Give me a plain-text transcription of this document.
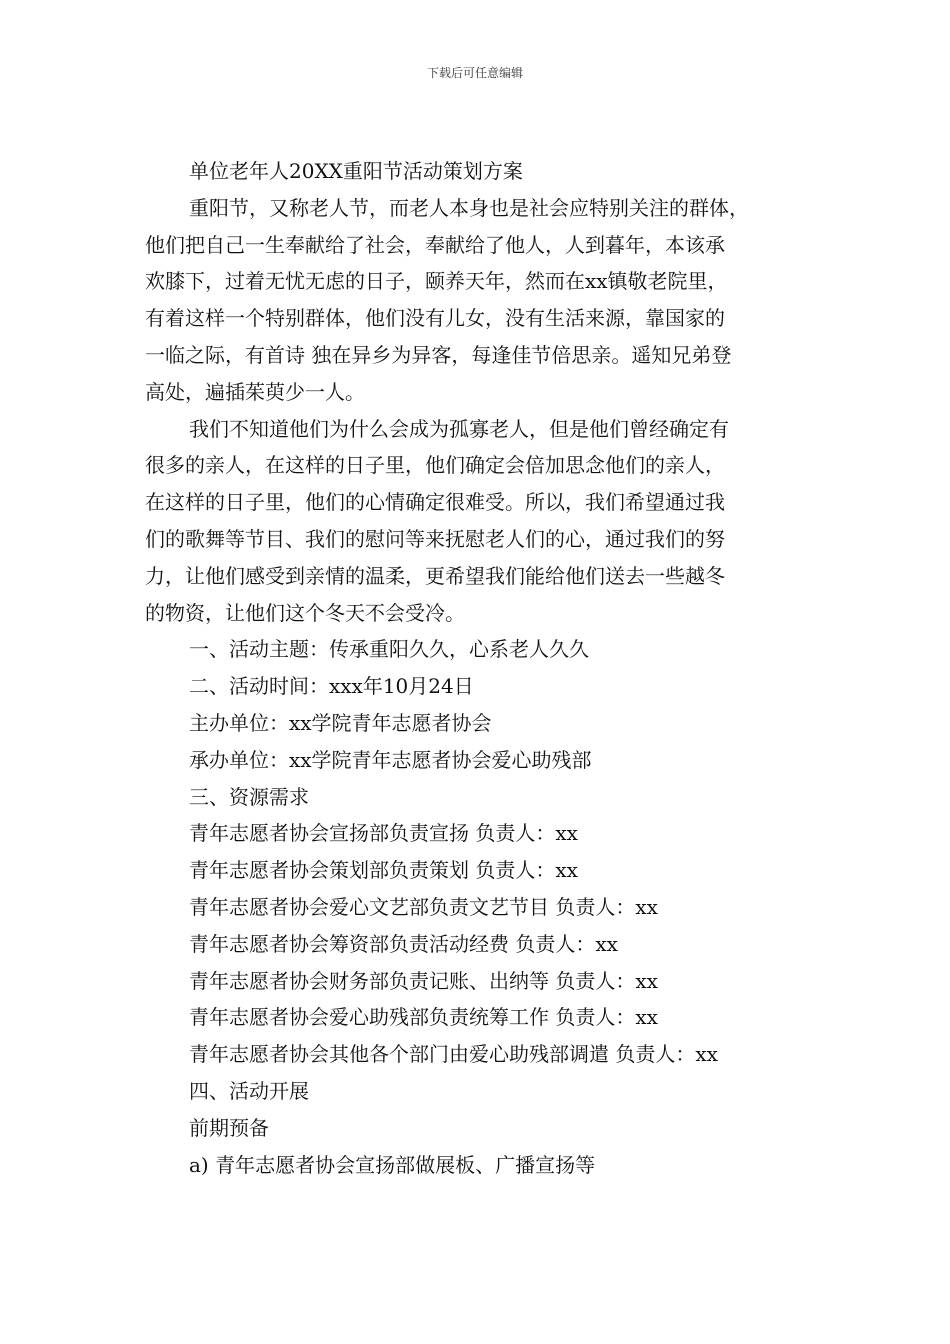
下载后可任意编辑
单位老年人20XX重阳节活动策划方案
重阳节，又称老人节，而老人本身也是社会应特别关注的群体，
他们把自己一生奉献给了社会，奉献给了他人，人到暮年，本该承
欢膝下，过着无忧无虑的日子，颐养天年，然而在xx镇敬老院里，
有着这样一个特别群体，他们没有儿女，没有生活来源，靠国家的
一临之际，有首诗 独在异乡为异客，每逢佳节倍思亲。遥知兄弟登
高处，遍插茱萸少一人。
我们不知道他们为什么会成为孤寡老人，但是他们曾经确定有
很多的亲人，在这样的日子里，他们确定会倍加思念他们的亲人，
在这样的日子里，他们的心情确定很难受。所以，我们希望通过我
们的歌舞等节目、我们的慰问等来抚慰老人们的心，通过我们的努
力，让他们感受到亲情的温柔，更希望我们能给他们送去一些越冬
的物资，让他们这个冬天不会受冷。
一、活动主题：传承重阳久久，心系老人久久
二、活动时间：xxx年10月24日
主办单位：xx学院青年志愿者协会
承办单位：xx学院青年志愿者协会爱心助残部
三、资源需求
青年志愿者协会宣扬部负责宣扬 负责人：xx
青年志愿者协会策划部负责策划 负责人：xx
青年志愿者协会爱心文艺部负责文艺节目 负责人：xx
青年志愿者协会筹资部负责活动经费 负责人：xx
青年志愿者协会财务部负责记账、出纳等 负责人：xx
青年志愿者协会爱心助残部负责统筹工作 负责人：xx
青年志愿者协会其他各个部门由爱心助残部调遣 负责人：xx
四、活动开展
前期预备
a) 青年志愿者协会宣扬部做展板、广播宣扬等
